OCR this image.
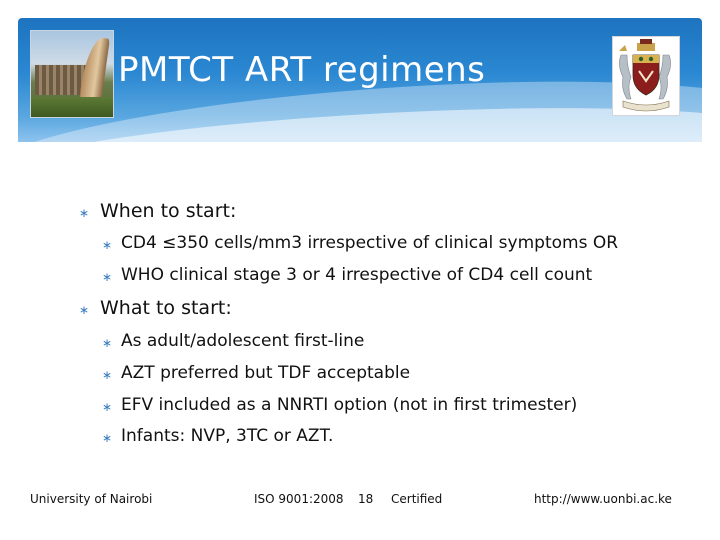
PMTCT ART regimens
∗ When to start:
∗ CD4 ≤350 cells/mm3 irrespective of clinical symptoms OR
∗ WHO clinical stage 3 or 4 irrespective of CD4 cell count
∗ What to start:
∗ As adult/adolescent first-line
∗ AZT preferred but TDF acceptable
∗ EFV included as a NNRTI option (not in first trimester)
∗ Infants: NVP, 3TC or AZT.
University of Nairobi	ISO 9001:2008 18 Certified	http://www.uonbi.ac.ke
